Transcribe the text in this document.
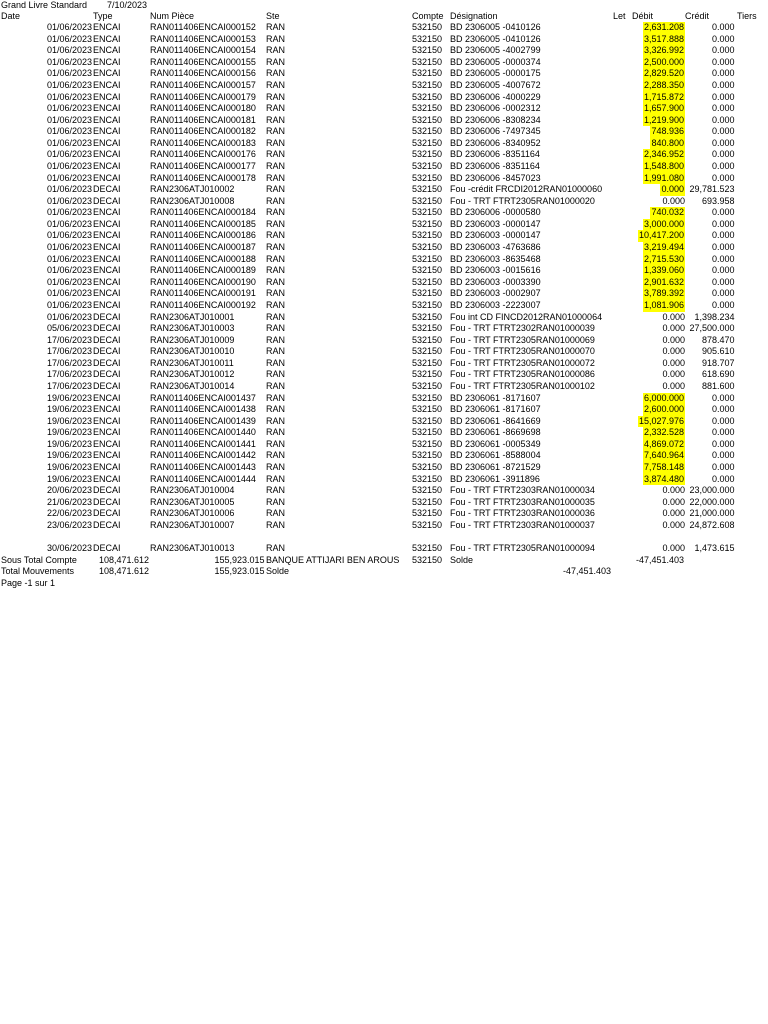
Grand Livre Standard 7/10/2023
Date	Type	Num Pièce	Ste	Compte Désignation	Let Débit	Crédit	Tiers
01/06/2023 ENCAI	RAN011406ENCAI000152 RAN	532150 BD 2306005 -0410126	2,631.208	0.000
01/06/2023 ENCAI	RAN011406ENCAI000153 RAN	532150 BD 2306005 -0410126	3,517.888	0.000
01/06/2023 ENCAI	RAN011406ENCAI000154 RAN	532150 BD 2306005 -4002799	3,326.992	0.000
01/06/2023 ENCAI	RAN011406ENCAI000155 RAN	532150 BD 2306005 -0000374	2,500.000	0.000
01/06/2023 ENCAI	RAN011406ENCAI000156 RAN	532150 BD 2306005 -0000175	2,829.520	0.000
01/06/2023 ENCAI	RAN011406ENCAI000157 RAN	532150 BD 2306005 -4007672	2,288.350	0.000
01/06/2023 ENCAI	RAN011406ENCAI000179 RAN	532150 BD 2306006 -4000229	1,715.872	0.000
01/06/2023 ENCAI	RAN011406ENCAI000180 RAN	532150 BD 2306006 -0002312	1,657.900	0.000
01/06/2023 ENCAI	RAN011406ENCAI000181 RAN	532150 BD 2306006 -8308234	1,219.900	0.000
01/06/2023 ENCAI	RAN011406ENCAI000182 RAN	532150 BD 2306006 -7497345	748.936	0.000
01/06/2023 ENCAI	RAN011406ENCAI000183 RAN	532150 BD 2306006 -8340952	840.800	0.000
01/06/2023 ENCAI	RAN011406ENCAI000176 RAN	532150 BD 2306006 -8351164	2,346.952	0.000
01/06/2023 ENCAI	RAN011406ENCAI000177 RAN	532150 BD 2306006 -8351164	1,548.800	0.000
01/06/2023 ENCAI	RAN011406ENCAI000178 RAN	532150 BD 2306006 -8457023	1,991.080	0.000
01/06/2023 DECAI	RAN2306ATJ010002	RAN	532150 Fou -crédit FRCDI2012RAN01000060	0.000 29,781.523
01/06/2023 DECAI	RAN2306ATJ010008	RAN	532150 Fou - TRT FTRT2305RAN01000020	0.000	693.958
01/06/2023 ENCAI	RAN011406ENCAI000184 RAN	532150 BD 2306006 -0000580	740.032	0.000
01/06/2023 ENCAI	RAN011406ENCAI000185 RAN	532150 BD 2306003 -0000147	3,000.000	0.000
01/06/2023 ENCAI	RAN011406ENCAI000186 RAN	532150 BD 2306003 -0000147	10,417.200	0.000
01/06/2023 ENCAI	RAN011406ENCAI000187 RAN	532150 BD 2306003 -4763686	3,219.494	0.000
01/06/2023 ENCAI	RAN011406ENCAI000188 RAN	532150 BD 2306003 -8635468	2,715.530	0.000
01/06/2023 ENCAI	RAN011406ENCAI000189 RAN	532150 BD 2306003 -0015616	1,339.060	0.000
01/06/2023 ENCAI	RAN011406ENCAI000190 RAN	532150 BD 2306003 -0003390	2,901.632	0.000
01/06/2023 ENCAI	RAN011406ENCAI000191 RAN	532150 BD 2306003 -0002907	3,789.392	0.000
01/06/2023 ENCAI	RAN011406ENCAI000192 RAN	532150 BD 2306003 -2223007	1,081.906	0.000
01/06/2023 DECAI	RAN2306ATJ010001	RAN	532150 Fou int CD FINCD2012RAN01000064	0.000	1,398.234
05/06/2023 DECAI	RAN2306ATJ010003	RAN	532150 Fou - TRT FTRT2302RAN01000039	0.000 27,500.000
17/06/2023 DECAI	RAN2306ATJ010009	RAN	532150 Fou - TRT FTRT2305RAN01000069	0.000	878.470
17/06/2023 DECAI	RAN2306ATJ010010	RAN	532150 Fou - TRT FTRT2305RAN01000070	0.000	905.610
17/06/2023 DECAI	RAN2306ATJ010011	RAN	532150 Fou - TRT FTRT2305RAN01000072	0.000	918.707
17/06/2023 DECAI	RAN2306ATJ010012	RAN	532150 Fou - TRT FTRT2305RAN01000086	0.000	618.690
17/06/2023 DECAI	RAN2306ATJ010014	RAN	532150 Fou - TRT FTRT2305RAN01000102	0.000	881.600
19/06/2023 ENCAI	RAN011406ENCAI001437 RAN	532150 BD 2306061 -8171607	6,000.000	0.000
19/06/2023 ENCAI	RAN011406ENCAI001438 RAN	532150 BD 2306061 -8171607	2,600.000	0.000
19/06/2023 ENCAI	RAN011406ENCAI001439 RAN	532150 BD 2306061 -8641669	15,027.976	0.000
19/06/2023 ENCAI	RAN011406ENCAI001440 RAN	532150 BD 2306061 -8669698	2,332.528	0.000
19/06/2023 ENCAI	RAN011406ENCAI001441 RAN	532150 BD 2306061 -0005349	4,869.072	0.000
19/06/2023 ENCAI	RAN011406ENCAI001442 RAN	532150 BD 2306061 -8588004	7,640.964	0.000
19/06/2023 ENCAI	RAN011406ENCAI001443 RAN	532150 BD 2306061 -8721529	7,758.148	0.000
19/06/2023 ENCAI	RAN011406ENCAI001444 RAN	532150 BD 2306061 -3911896	3,874.480	0.000
20/06/2023 DECAI	RAN2306ATJ010004	RAN	532150 Fou - TRT FTRT2303RAN01000034	0.000 23,000.000
21/06/2023 DECAI	RAN2306ATJ010005	RAN	532150 Fou - TRT FTRT2303RAN01000035	0.000 22,000.000
22/06/2023 DECAI	RAN2306ATJ010006	RAN	532150 Fou - TRT FTRT2303RAN01000036	0.000 21,000.000
23/06/2023 DECAI	RAN2306ATJ010007	RAN	532150 Fou - TRT FTRT2303RAN01000037	0.000 24,872.608
30/06/2023 DECAI	RAN2306ATJ010013	RAN	532150 Fou - TRT FTRT2305RAN01000094	0.000	1,473.615
Sous Total Compte	108,471.612	155,923.015 BANQUE ATTIJARI BEN AROUS 532150 Solde	-47,451.403
Total Mouvements	108,471.612	155,923.015 Solde	-47,451.403
Page -1 sur 1
